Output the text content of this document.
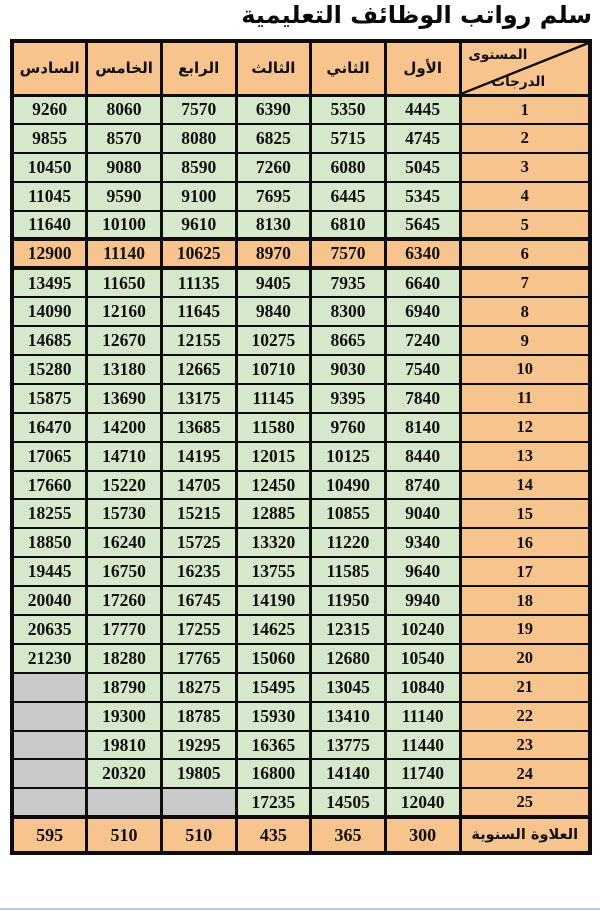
سلم رواتب الوظائف التعليمية
المستوى
الدرجات	الأول	الثاني	الثالث	الرابع	الخامس	السادس
1	4445	5350	6390	7570	8060	9260
2	4745	5715	6825	8080	8570	9855
3	5045	6080	7260	8590	9080	10450
4	5345	6445	7695	9100	9590	11045
5	5645	6810	8130	9610	10100	11640
6	6340	7570	8970	10625	11140	12900
7	6640	7935	9405	11135	11650	13495
8	6940	8300	9840	11645	12160	14090
9	7240	8665	10275	12155	12670	14685
10	7540	9030	10710	12665	13180	15280
11	7840	9395	11145	13175	13690	15875
12	8140	9760	11580	13685	14200	16470
13	8440	10125	12015	14195	14710	17065
14	8740	10490	12450	14705	15220	17660
15	9040	10855	12885	15215	15730	18255
16	9340	11220	13320	15725	16240	18850
17	9640	11585	13755	16235	16750	19445
18	9940	11950	14190	16745	17260	20040
19	10240	12315	14625	17255	17770	20635
20	10540	12680	15060	17765	18280	21230
21	10840	13045	15495	18275	18790	
22	11140	13410	15930	18785	19300	
23	11440	13775	16365	19295	19810	
24	11740	14140	16800	19805	20320	
25	12040	14505	17235			
العلاوة السنوية	300	365	435	510	510	595
